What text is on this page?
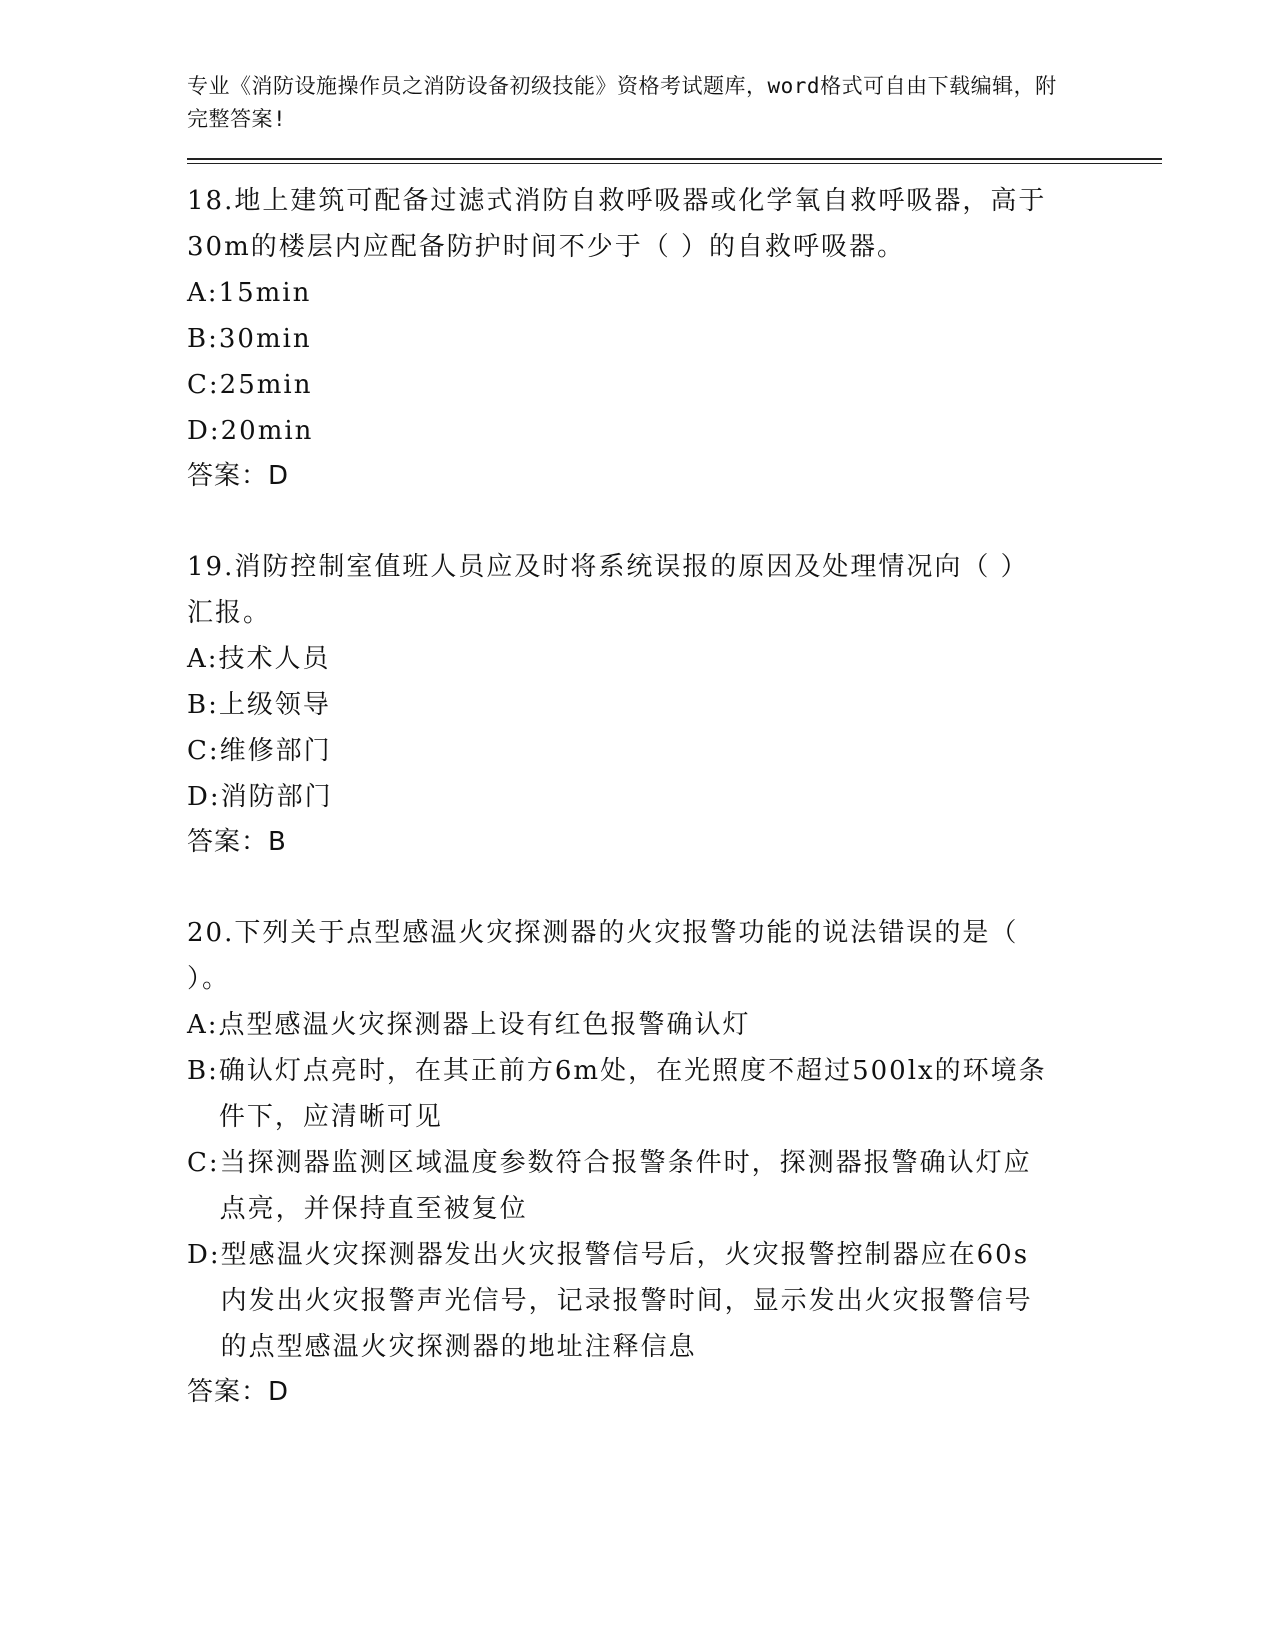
专业《消防设施操作员之消防设备初级技能》资格考试题库，word格式可自由下载编辑，附完整答案!
18.地上建筑可配备过滤式消防自救呼吸器或化学氧自救呼吸器，高于30m的楼层内应配备防护时间不少于（ ）的自救呼吸器。
A: 15min
B: 30min
C: 25min
D: 20min
答案：D
19.消防控制室值班人员应及时将系统误报的原因及处理情况向（ ）汇报。
A: 技术人员
B: 上级领导
C: 维修部门
D: 消防部门
答案：B
20.下列关于点型感温火灾探测器的火灾报警功能的说法错误的是（ ）。
A: 点型感温火灾探测器上设有红色报警确认灯
B: 确认灯点亮时，在其正前方6m处，在光照度不超过500lx的环境条件下，应清晰可见
C: 当探测器监测区域温度参数符合报警条件时，探测器报警确认灯应点亮，并保持直至被复位
D: 型感温火灾探测器发出火灾报警信号后，火灾报警控制器应在60s内发出火灾报警声光信号，记录报警时间，显示发出火灾报警信号的点型感温火灾探测器的地址注释信息
答案：D
